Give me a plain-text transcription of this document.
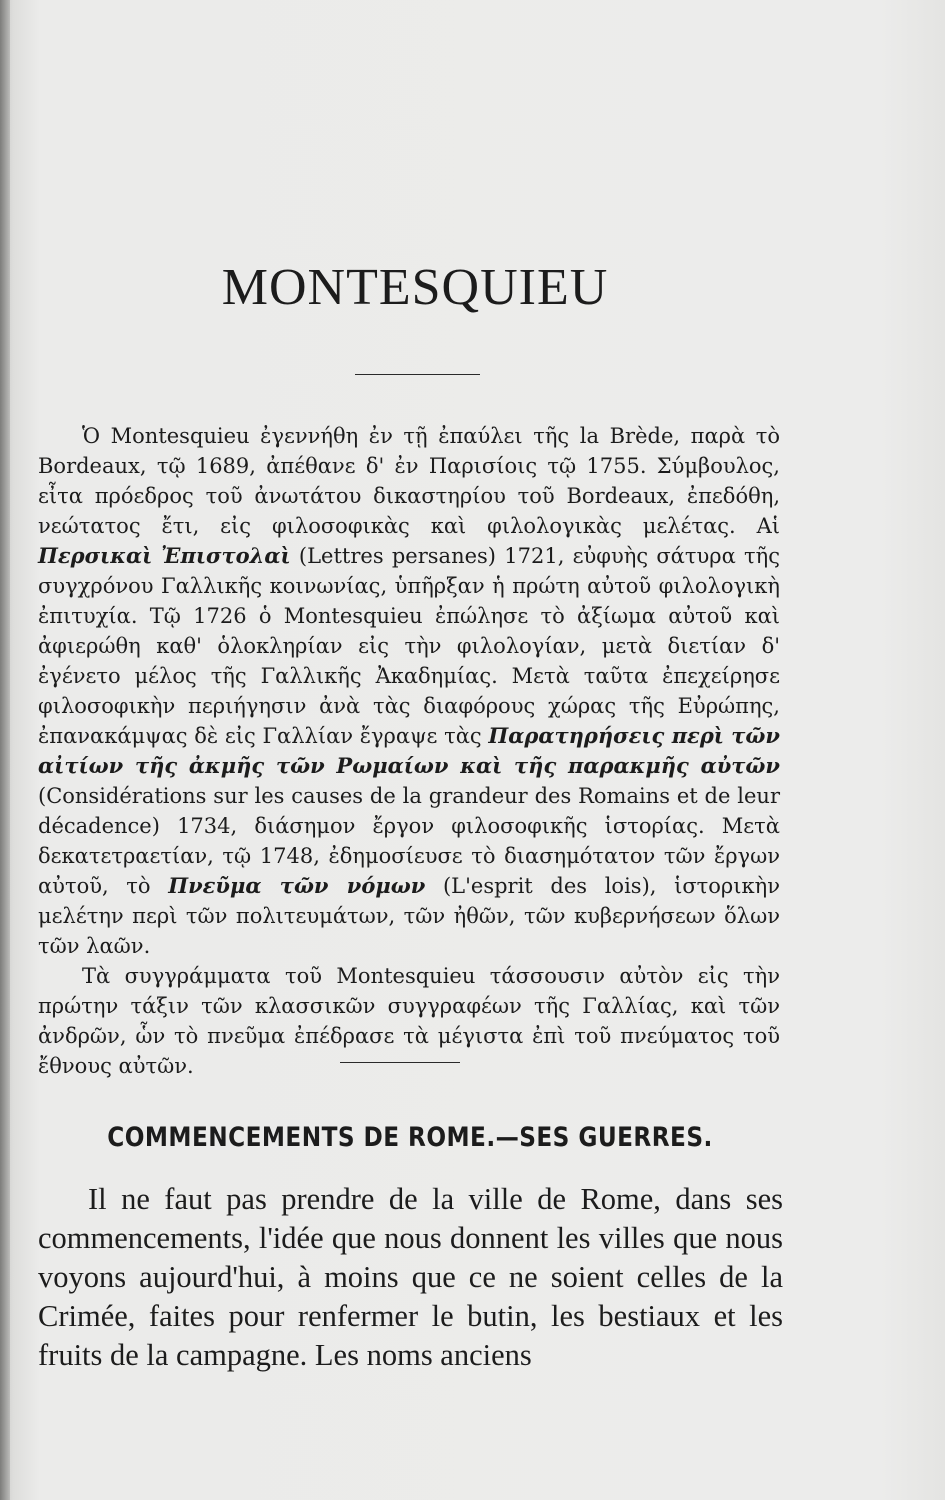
MONTESQUIEU

Ὁ Montesquieu ἐγεννήθη ἐν τῇ ἐπαύλει τῆς la Brède, παρὰ τὸ Bordeaux, τῷ 1689, ἀπέθανε δ' ἐν Παρισίοις τῷ 1755. Σύμβουλος, εἶτα πρόεδρος τοῦ ἀνωτάτου δικαστηρίου τοῦ Bordeaux, ἐπεδόθη, νεώτατος ἔτι, εἰς φιλοσοφικὰς καὶ φιλολογικὰς μελέτας. Αἱ Περσικαὶ Ἐπιστολαὶ (Lettres persanes) 1721, εὐφυὴς σάτυρα τῆς συγχρόνου Γαλλικῆς κοινωνίας, ὑπῆρξαν ἡ πρώτη αὐτοῦ φιλολογικὴ ἐπιτυχία. Τῷ 1726 ὁ Montesquieu ἐπώλησε τὸ ἀξίωμα αὐτοῦ καὶ ἀφιερώθη καθ' ὁλοκληρίαν εἰς τὴν φιλολογίαν, μετὰ διετίαν δ' ἐγένετο μέλος τῆς Γαλλικῆς Ἀκαδημίας. Μετὰ ταῦτα ἐπεχείρησε φιλοσοφικὴν περιήγησιν ἀνὰ τὰς διαφόρους χώρας τῆς Εὐρώπης, ἐπανακάμψας δὲ εἰς Γαλλίαν ἔγραψε τὰς Παρατηρήσεις περὶ τῶν αἰτίων τῆς ἀκμῆς τῶν Ρωμαίων καὶ τῆς παρακμῆς αὐτῶν (Considérations sur les causes de la grandeur des Romains et de leur décadence) 1734, διάσημον ἔργον φιλοσοφικῆς ἱστορίας. Μετὰ δεκατετραετίαν, τῷ 1748, ἐδημοσίευσε τὸ διασημότατον τῶν ἔργων αὐτοῦ, τὸ Πνεῦμα τῶν νόμων (L'esprit des lois), ἱστορικὴν μελέτην περὶ τῶν πολιτευμάτων, τῶν ἠθῶν, τῶν κυβερνήσεων ὅλων τῶν λαῶν.

Τὰ συγγράμματα τοῦ Montesquieu τάσσουσιν αὐτὸν εἰς τὴν πρώτην τάξιν τῶν κλασσικῶν συγγραφέων τῆς Γαλλίας, καὶ τῶν ἀνδρῶν, ὧν τὸ πνεῦμα ἐπέδρασε τὰ μέγιστα ἐπὶ τοῦ πνεύματος τοῦ ἔθνους αὐτῶν.

COMMENCEMENTS DE ROME.—SES GUERRES.

Il ne faut pas prendre de la ville de Rome, dans ses commencements, l'idée que nous donnent les villes que nous voyons aujourd'hui, à moins que ce ne soient celles de la Crimée, faites pour renfermer le butin, les bestiaux et les fruits de la campagne. Les noms anciens
